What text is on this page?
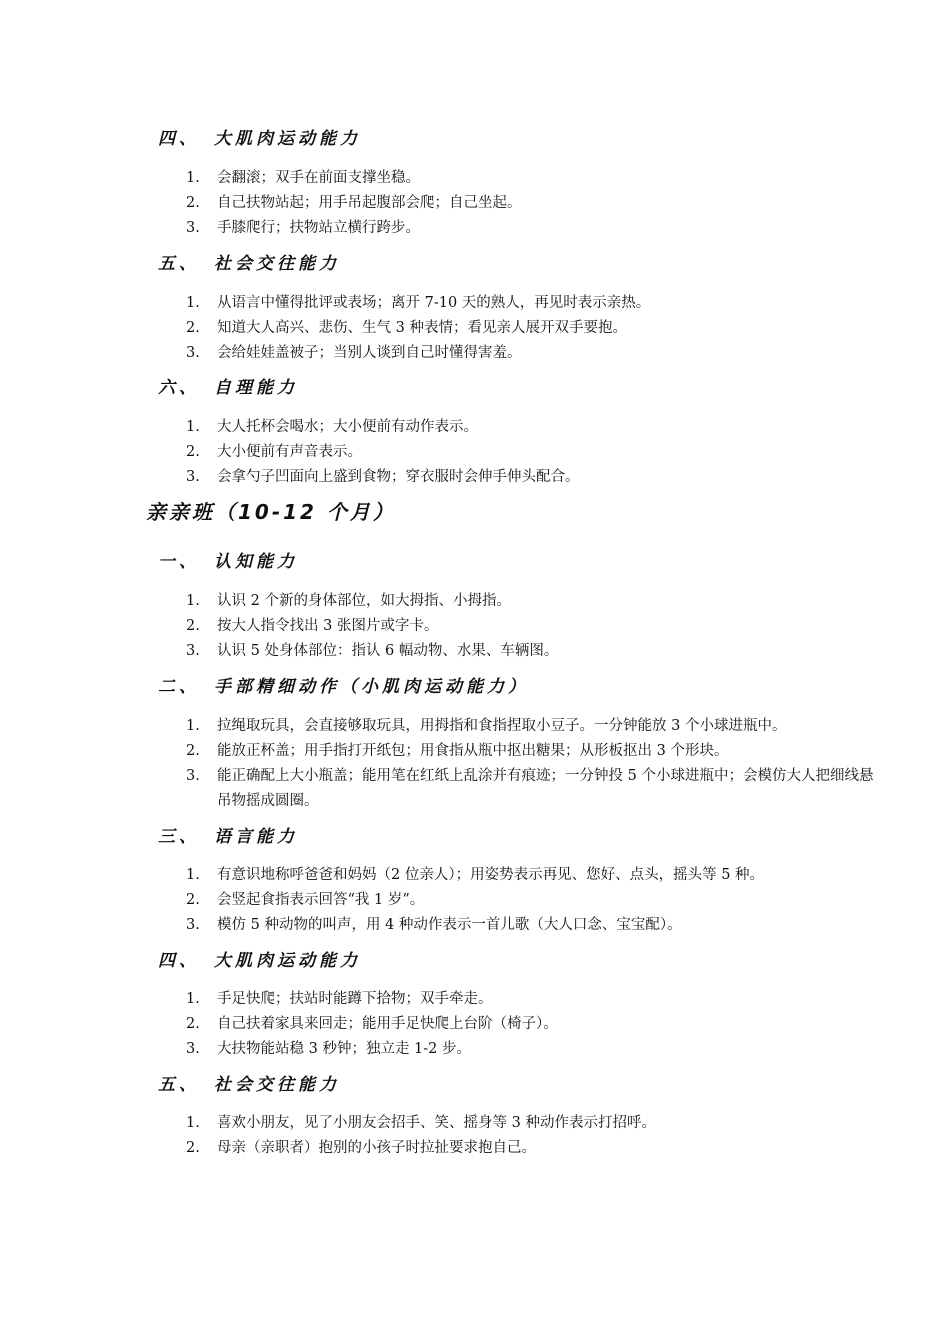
四、 大肌肉运动能力
1.	会翻滚；双手在前面支撑坐稳。
2.	自己扶物站起；用手吊起腹部会爬；自己坐起。
3.	手膝爬行；扶物站立横行跨步。
五、 社会交往能力
1.	从语言中懂得批评或表场；离开 7-10 天的熟人，再见时表示亲热。
2.	知道大人高兴、悲伤、生气 3 种表情；看见亲人展开双手要抱。
3.	会给娃娃盖被子；当别人谈到自己时懂得害羞。
六、 自理能力
1.	大人托杯会喝水；大小便前有动作表示。
2.	大小便前有声音表示。
3.	会拿勺子凹面向上盛到食物；穿衣服时会伸手伸头配合。
亲亲班（10-12 个月）
一、 认知能力
1.	认识 2 个新的身体部位，如大拇指、小拇指。
2.	按大人指令找出 3 张图片或字卡。
3.	认识 5 处身体部位：指认 6 幅动物、水果、车辆图。
二、 手部精细动作（小肌肉运动能力）
1.	拉绳取玩具，会直接够取玩具，用拇指和食指捏取小豆子。一分钟能放 3 个小球进瓶中。
2.	能放正杯盖；用手指打开纸包；用食指从瓶中抠出糖果；从形板抠出 3 个形块。
3.	能正确配上大小瓶盖；能用笔在红纸上乱涂并有痕迹；一分钟投 5 个小球进瓶中；会模仿大人把细线悬吊物摇成圆圈。
三、 语言能力
1.	有意识地称呼爸爸和妈妈（2 位亲人）；用姿势表示再见、您好、点头，摇头等 5 种。
2.	会竖起食指表示回答“我 1 岁”。
3.	模仿 5 种动物的叫声，用 4 种动作表示一首儿歌（大人口念、宝宝配）。
四、 大肌肉运动能力
1.	手足快爬；扶站时能蹲下拾物；双手牵走。
2.	自己扶着家具来回走；能用手足快爬上台阶（椅子）。
3.	大扶物能站稳 3 秒钟；独立走 1-2 步。
五、 社会交往能力
1.	喜欢小朋友，见了小朋友会招手、笑、摇身等 3 种动作表示打招呼。
2.	母亲（亲职者）抱别的小孩子时拉扯要求抱自己。
